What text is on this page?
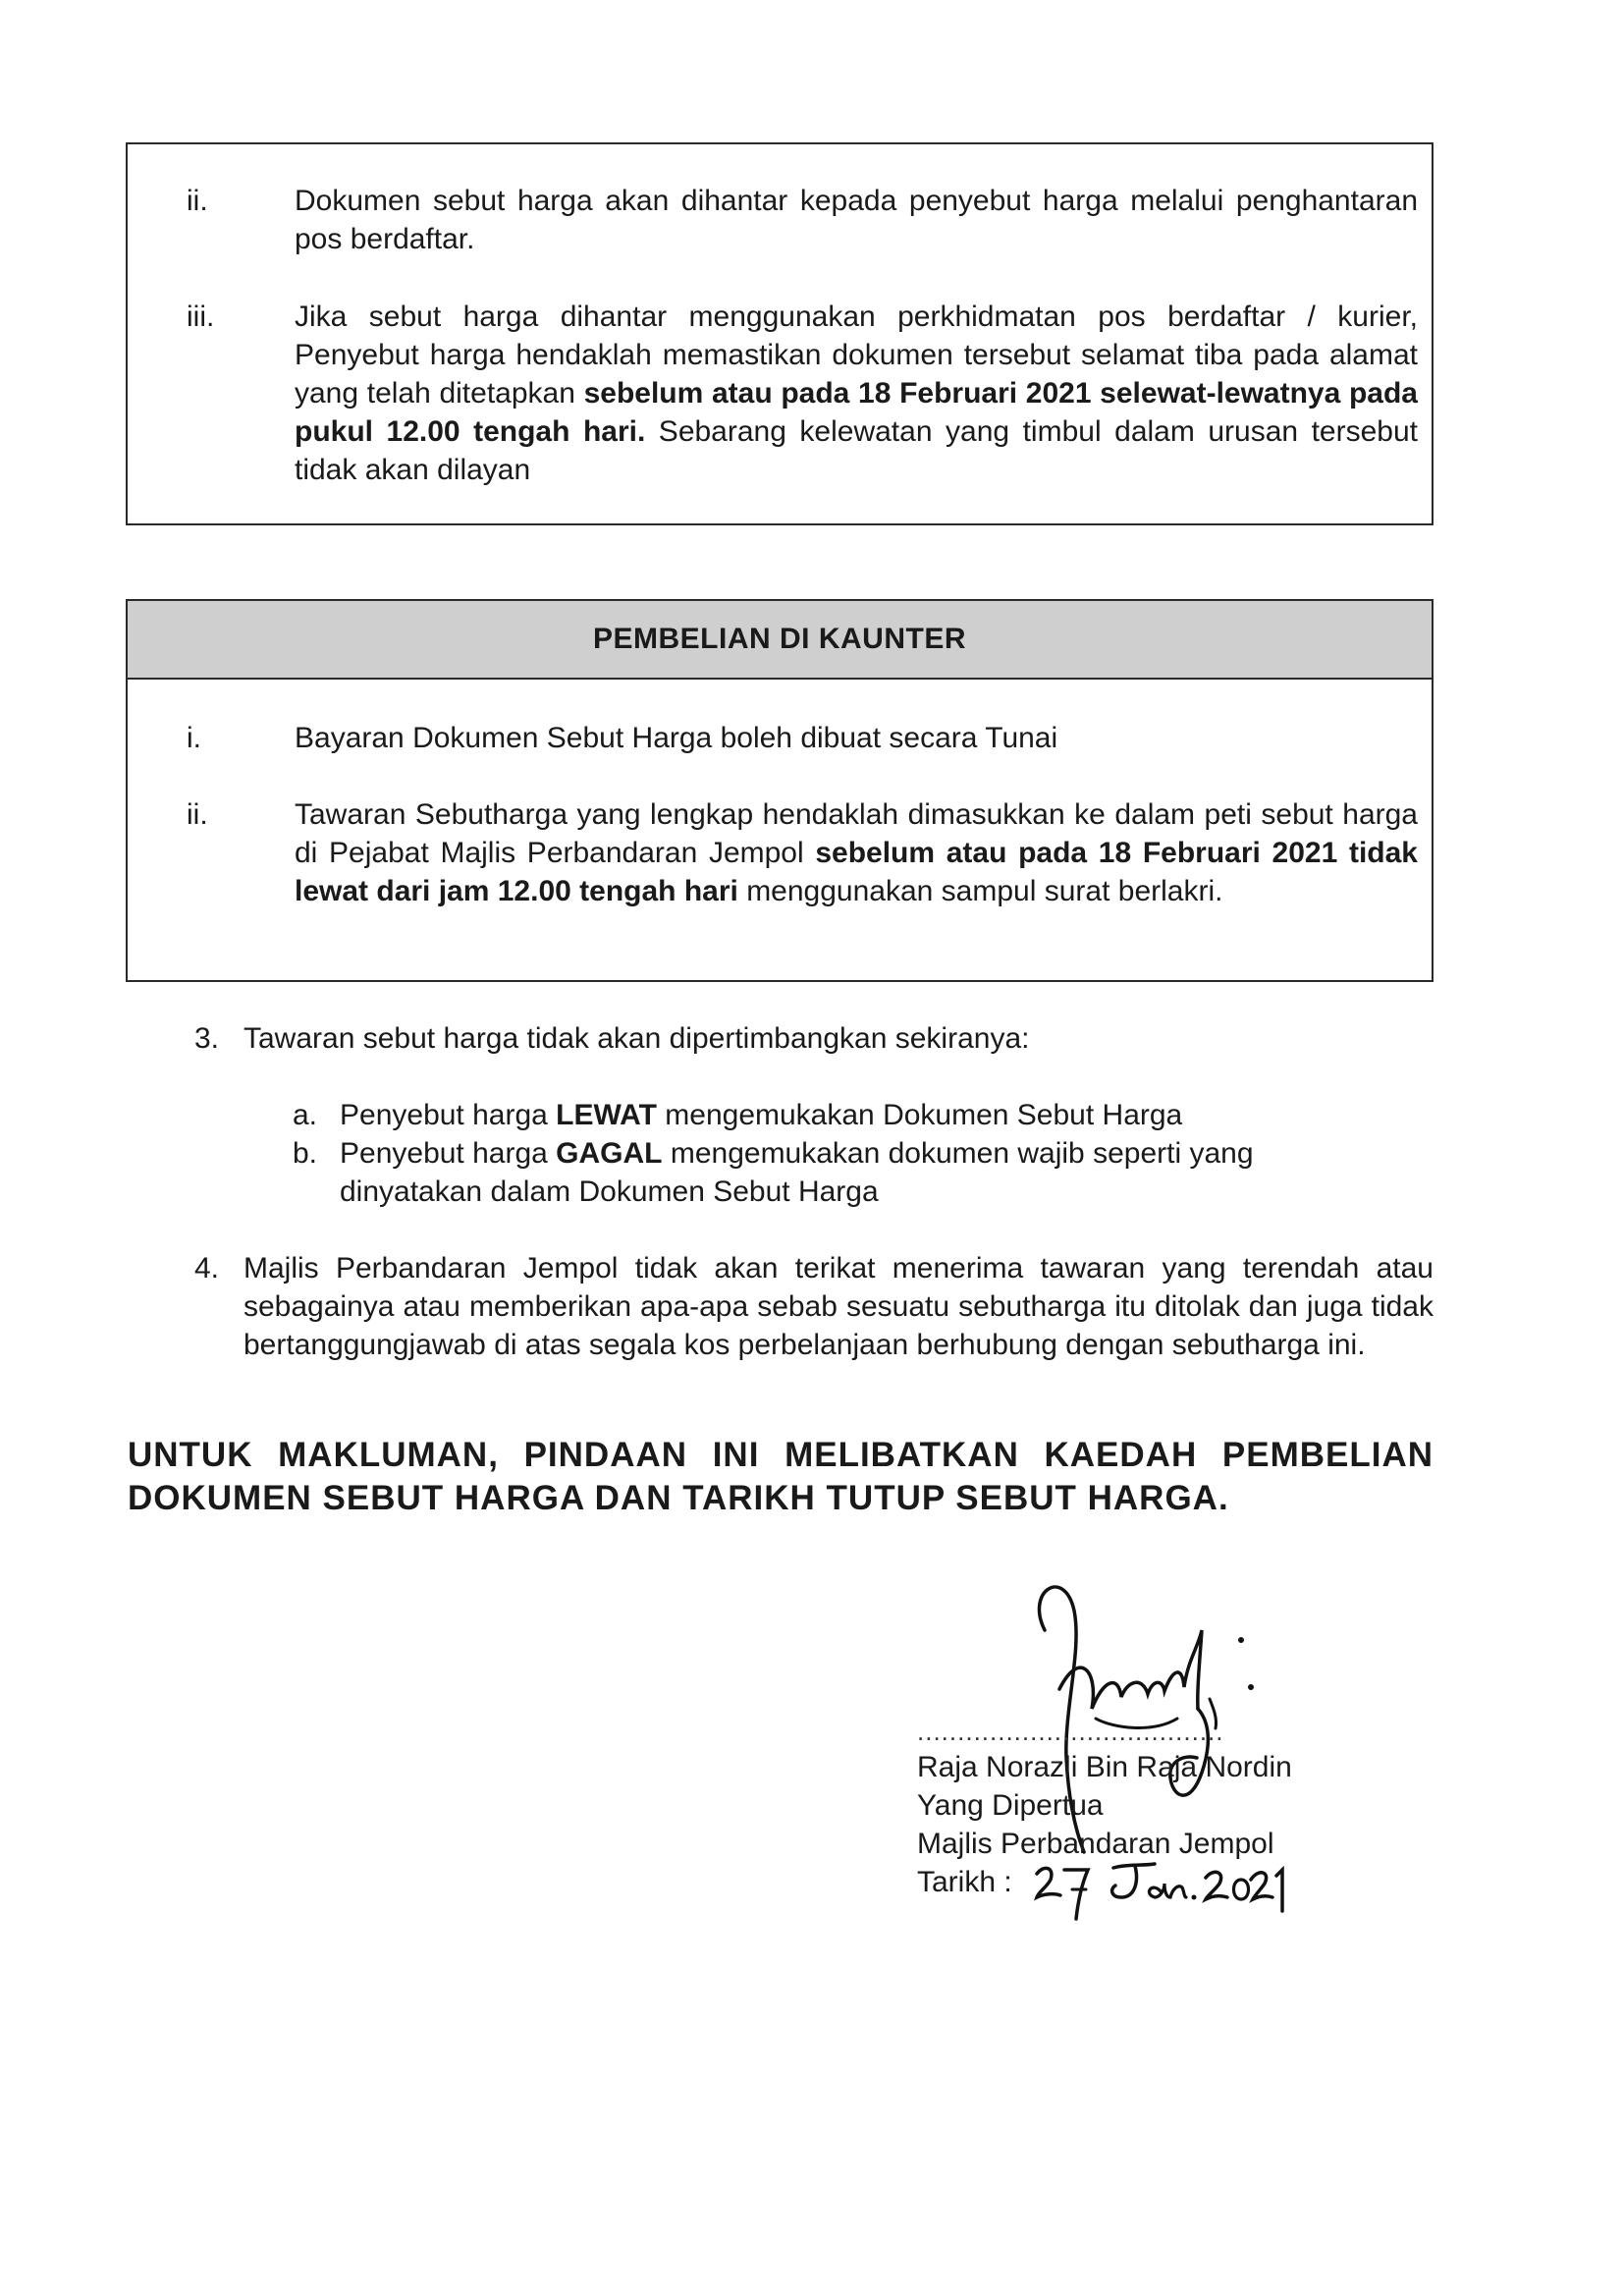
ii.	Dokumen sebut harga akan dihantar kepada penyebut harga melalui penghantaran pos berdaftar.
iii.	Jika sebut harga dihantar menggunakan perkhidmatan pos berdaftar / kurier, Penyebut harga hendaklah memastikan dokumen tersebut selamat tiba pada alamat yang telah ditetapkan sebelum atau pada 18 Februari 2021 selewat-lewatnya pada pukul 12.00 tengah hari. Sebarang kelewatan yang timbul dalam urusan tersebut tidak akan dilayan
PEMBELIAN DI KAUNTER
i.	Bayaran Dokumen Sebut Harga boleh dibuat secara Tunai
ii.	Tawaran Sebutharga yang lengkap hendaklah dimasukkan ke dalam peti sebut harga di Pejabat Majlis Perbandaran Jempol sebelum atau pada 18 Februari 2021 tidak lewat dari jam 12.00 tengah hari menggunakan sampul surat berlakri.
3. Tawaran sebut harga tidak akan dipertimbangkan sekiranya:
a. Penyebut harga LEWAT mengemukakan Dokumen Sebut Harga
b. Penyebut harga GAGAL mengemukakan dokumen wajib seperti yang dinyatakan dalam Dokumen Sebut Harga
4. Majlis Perbandaran Jempol tidak akan terikat menerima tawaran yang terendah atau sebagainya atau memberikan apa-apa sebab sesuatu sebutharga itu ditolak dan juga tidak bertanggungjawab di atas segala kos perbelanjaan berhubung dengan sebutharga ini.
UNTUK MAKLUMAN, PINDAAN INI MELIBATKAN KAEDAH PEMBELIAN DOKUMEN SEBUT HARGA DAN TARIKH TUTUP SEBUT HARGA.
......................................
Raja Norazli Bin Raja Nordin
Yang Dipertua
Majlis Perbandaran Jempol
Tarikh :
